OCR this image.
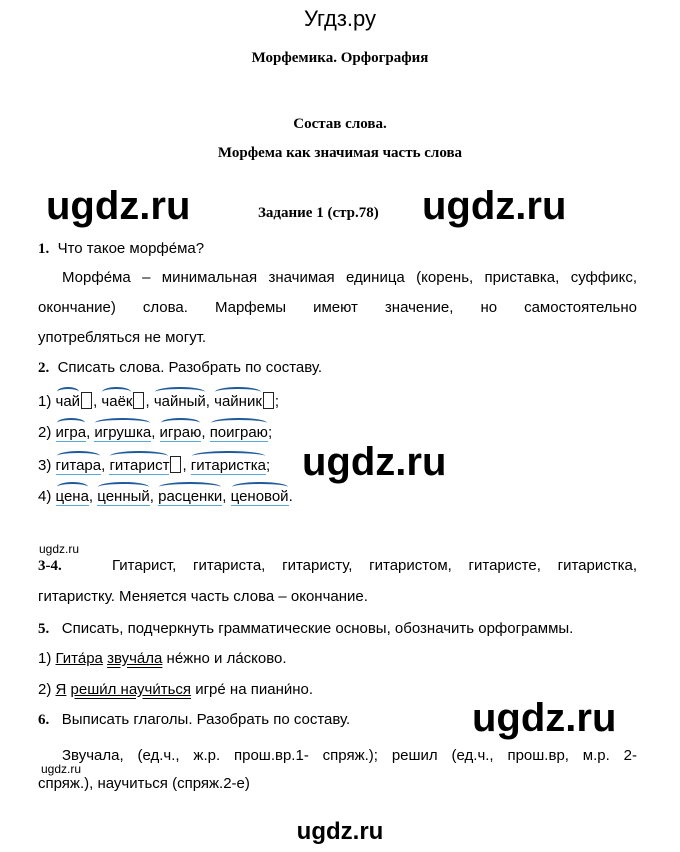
Угдз.ру
Морфемика. Орфография
Состав слова.
Морфема как значимая часть слова
ugdz.ru	ugdz.ru
ugdz.ru
ugdz.ru
ugdz.ru
ugdz.ru
ugdz.ru
Задание 1 (стр.78)
1. Что такое морфе́ма?
Морфе́ма – минимальная значимая единица (корень, приставка, суффикс,
окончание) слова. Марфемы имеют значение, но самостоятельно
употребляться не могут.
2. Списать слова. Разобрать по составу.
1) чай , чаёк , чайный, чайник ;
2) игра, игрушка, играю, поиграю;
3) гитара, гитарист , гитаристка;
4) цена, ценный, расценки, ценовой.
3-4.	Гитарист, гитариста, гитаристу, гитаристом, гитаристе, гитаристка,
гитаристку. Меняется часть слова – окончание.
5. Списать, подчеркнуть грамматические основы, обозначить орфограммы.
1) Гита́ра звуча́ла не́жно и ла́сково.
2) Я реши́л научи́ться игре́ на пиани́но.
6. Выписать глаголы. Разобрать по составу.
Звучала, (ед.ч., ж.р. прош.вр.1- спряж.); решил (ед.ч., прош.вр, м.р. 2-
спряж.), научиться (спряж.2-е)
